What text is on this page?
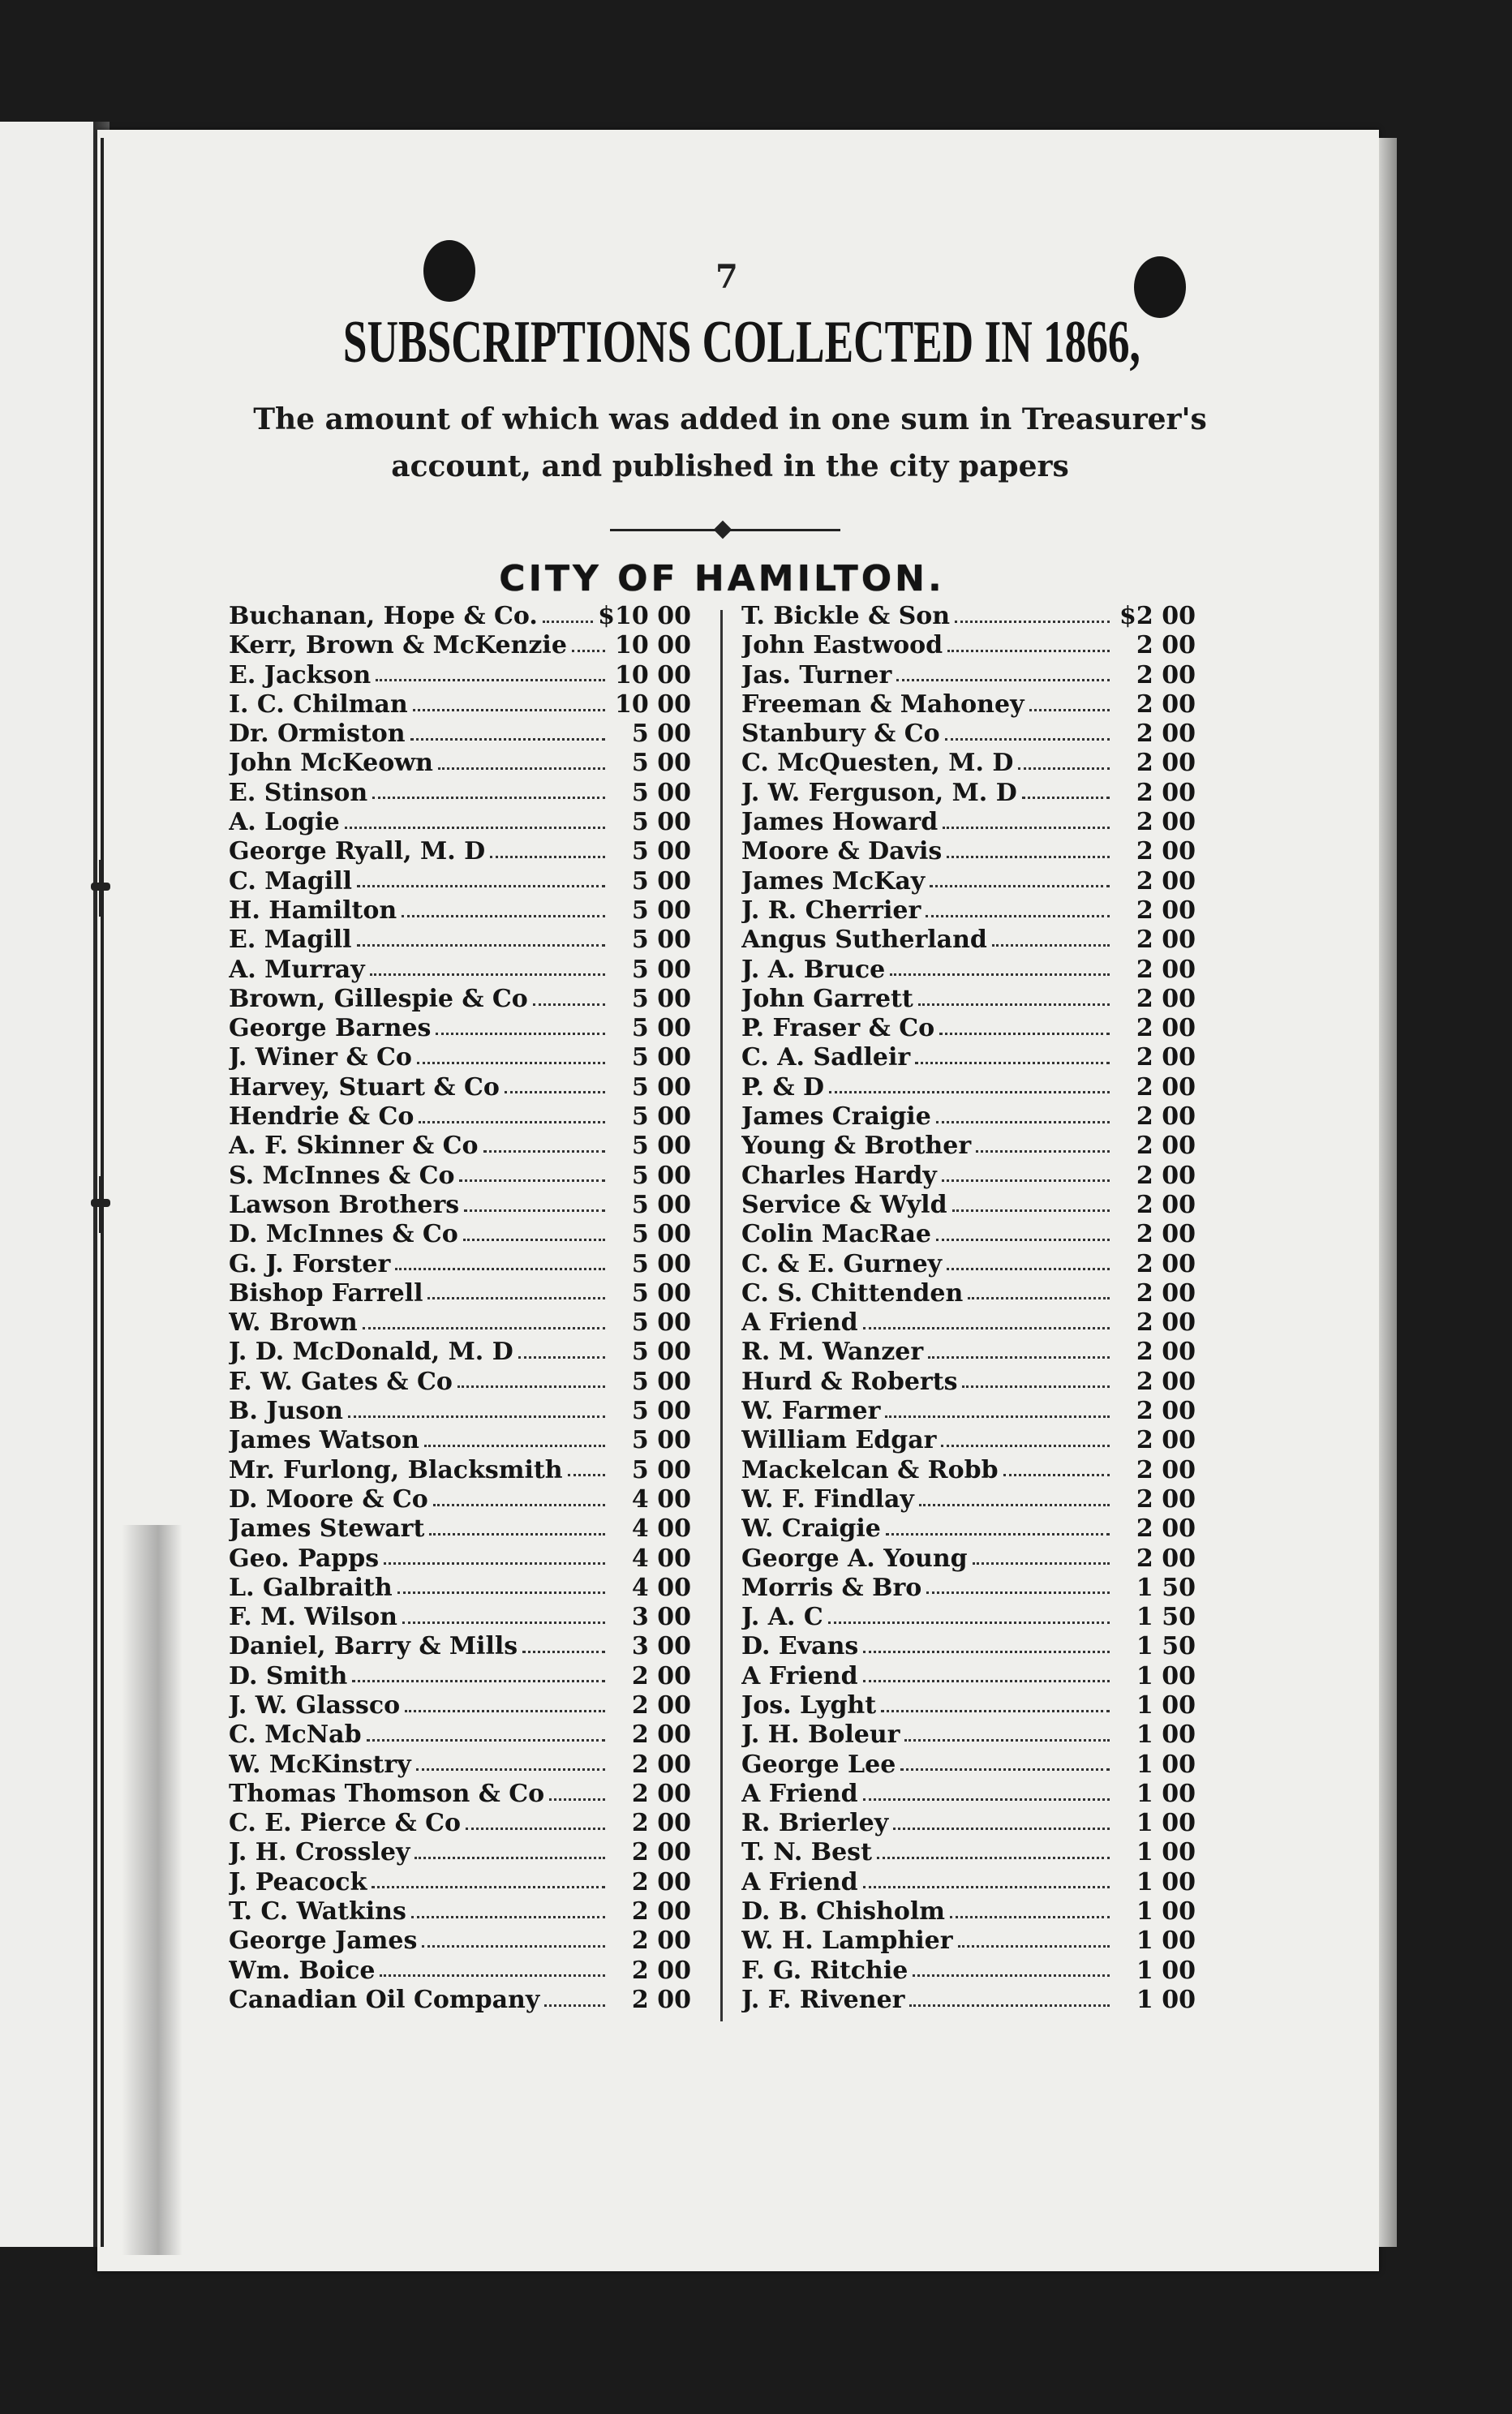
7
SUBSCRIPTIONS COLLECTED IN 1866,
The amount of which was added in one sum in Treasurer's
account, and published in the city papers
CITY OF HAMILTON.
Buchanan, Hope & Co. $10 00
Kerr, Brown & McKenzie 10 00
E. Jackson	10 00
I. C. Chilman	10 00
Dr. Ormiston	5 00
John McKeown	5 00
E. Stinson	5 00
A. Logie	5 00
George Ryall, M. D	5 00
C. Magill	5 00
H. Hamilton	5 00
E. Magill	5 00
A. Murray	5 00
Brown, Gillespie & Co	5 00
George Barnes	5 00
J. Winer & Co	5 00
Harvey, Stuart & Co	5 00
Hendrie & Co	5 00
A. F. Skinner & Co	5 00
S. McInnes & Co	5 00
Lawson Brothers	5 00
D. McInnes & Co	5 00
G. J. Forster	5 00
Bishop Farrell	5 00
W. Brown	5 00
J. D. McDonald, M. D	5 00
F. W. Gates & Co	5 00
B. Juson	5 00
James Watson	5 00
Mr. Furlong, Blacksmith	5 00
D. Moore & Co	4 00
James Stewart	4 00
Geo. Papps	4 00
L. Galbraith	4 00
F. M. Wilson	3 00
Daniel, Barry & Mills	3 00
D. Smith	2 00
J. W. Glassco	2 00
C. McNab	2 00
W. McKinstry	2 00
Thomas Thomson & Co	2 00
C. E. Pierce & Co	2 00
J. H. Crossley	2 00
J. Peacock	2 00
T. C. Watkins	2 00
George James	2 00
Wm. Boice	2 00
Canadian Oil Company	2 00
T. Bickle & Son	$2 00
John Eastwood	2 00
Jas. Turner	2 00
Freeman & Mahoney	2 00
Stanbury & Co	2 00
C. McQuesten, M. D	2 00
J. W. Ferguson, M. D	2 00
James Howard	2 00
Moore & Davis	2 00
James McKay	2 00
J. R. Cherrier	2 00
Angus Sutherland	2 00
J. A. Bruce	2 00
John Garrett	2 00
P. Fraser & Co	2 00
C. A. Sadleir	2 00
P. & D	2 00
James Craigie	2 00
Young & Brother	2 00
Charles Hardy	2 00
Service & Wyld	2 00
Colin MacRae	2 00
C. & E. Gurney	2 00
C. S. Chittenden	2 00
A Friend	2 00
R. M. Wanzer	2 00
Hurd & Roberts	2 00
W. Farmer	2 00
William Edgar	2 00
Mackelcan & Robb	2 00
W. F. Findlay	2 00
W. Craigie	2 00
George A. Young	2 00
Morris & Bro	1 50
J. A. C	1 50
D. Evans	1 50
A Friend	1 00
Jos. Lyght	1 00
J. H. Boleur	1 00
George Lee	1 00
A Friend	1 00
R. Brierley	1 00
T. N. Best	1 00
A Friend	1 00
D. B. Chisholm	1 00
W. H. Lamphier	1 00
F. G. Ritchie	1 00
J. F. Rivener	1 00
